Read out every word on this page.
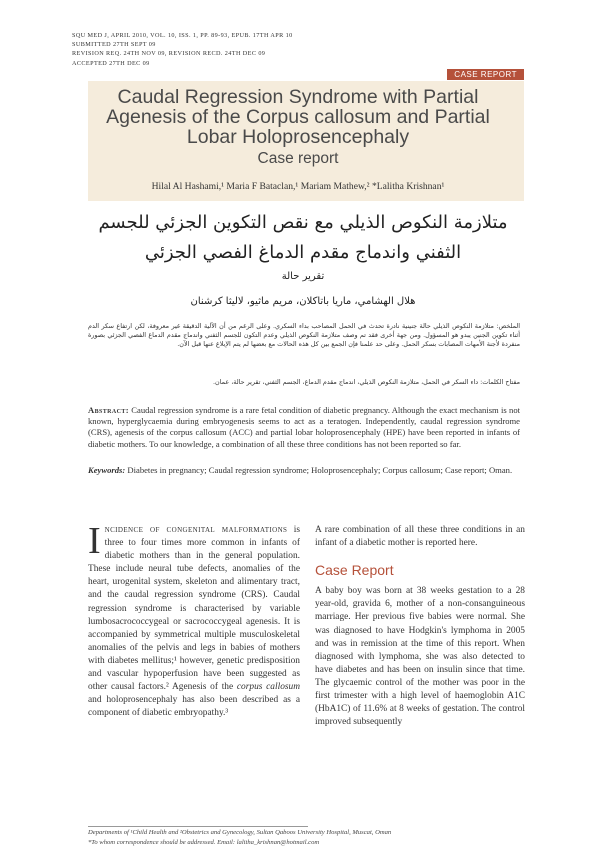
SQU MED J, APRIL 2010, VOL. 10, ISS. 1, PP. 89-93, EPUB. 17TH APR 10
SUBMITTED 27TH SEPT 09
REVISION REQ. 24TH NOV 09, REVISION RECD. 24TH DEC 09
ACCEPTED 27TH DEC 09
CASE REPORT
Caudal Regression Syndrome with Partial Agenesis of the Corpus callosum and Partial Lobar Holoprosencephaly
Case report
Hilal Al Hashami,¹ Maria F Bataclan,¹ Mariam Mathew,² *Lalitha Krishnan¹
متلازمة النكوص الذيلي مع نقص التكوين الجزئي للجسم الثفني واندماج مقدم الدماغ الفصي الجزئي
تقرير حالة
هلال الهشامي، ماريا باتاكلان، مريم ماثيو، لاليثا كرشنان
الملخص: متلازمة النكوص الذيلي حالة جنينية نادرة تحدث في الحمل المصاحب بداء السكري. وعلى الرغم من أن الآلية الدقيقة غير معروفة، لكن ارتفاع سكر الدم أثناء تكوين الجنين يبدو هو المسؤول. ومن جهة أخرى فقد تم وصف متلازمة النكوص الذيلي وعدم التكون للجسم الثفني واندماج مقدم الدماغ الفصي الجزئي بصورة منفردة لأجنة الأمهات المصابات بسكر الحمل. وعلى حد علمنا فإن الجمع بين كل هذه الحالات مع بعضها لم يتم الإبلاغ عنها قبل الآن.
مفتاح الكلمات: داء السكر في الحمل، متلازمة النكوص الذيلي، اندماج مقدم الدماغ، الجسم الثفني، تقرير حالة، عمان.
Abstract: Caudal regression syndrome is a rare fetal condition of diabetic pregnancy. Although the exact mechanism is not known, hyperglycaemia during embryogenesis seems to act as a teratogen. Independently, caudal regression syndrome (CRS), agenesis of the corpus callosum (ACC) and partial lobar holoprosencephaly (HPE) have been reported in infants of diabetic mothers. To our knowledge, a combination of all these three conditions has not been reported so far.
Keywords: Diabetes in pregnancy; Caudal regression syndrome; Holoprosencephaly; Corpus callosum; Case report; Oman.

Incidence of congenital malformations is three to four times more common in infants of diabetic mothers than in the general population. These include neural tube defects, anomalies of the heart, urogenital system, skeleton and alimentary tract, and the caudal regression syndrome (CRS). Caudal regression syndrome is characterised by variable lumbosacrococcygeal or sacrococcygeal agenesis. It is accompanied by symmetrical multiple musculoskeletal anomalies of the pelvis and legs in babies of mothers with diabetes mellitus;¹ however, genetic predisposition and vascular hypoperfusion have been suggested as other causal factors.² Agenesis of the corpus callosum and holoprosencephaly has also been described as a component of diabetic embryopathy.³

A rare combination of all these three conditions in an infant of a diabetic mother is reported here.

Case Report

A baby boy was born at 38 weeks gestation to a 28 year-old, gravida 6, mother of a non-consanguineous marriage. Her previous five babies were normal. She was diagnosed to have Hodgkin's lymphoma in 2005 and was in remission at the time of this report. When diagnosed with lymphoma, she was also detected to have diabetes and has been on insulin since that time. The glycaemic control of the mother was poor in the first trimester with a high level of haemoglobin A1C (HbA1C) of 11.6% at 8 weeks of gestation. The control improved subsequently

Departments of ¹Child Health and ²Obstetrics and Gynecology, Sultan Qaboos University Hospital, Muscat, Oman
*To whom correspondence should be addressed. Email: lalitha_krishnan@hotmail.com
